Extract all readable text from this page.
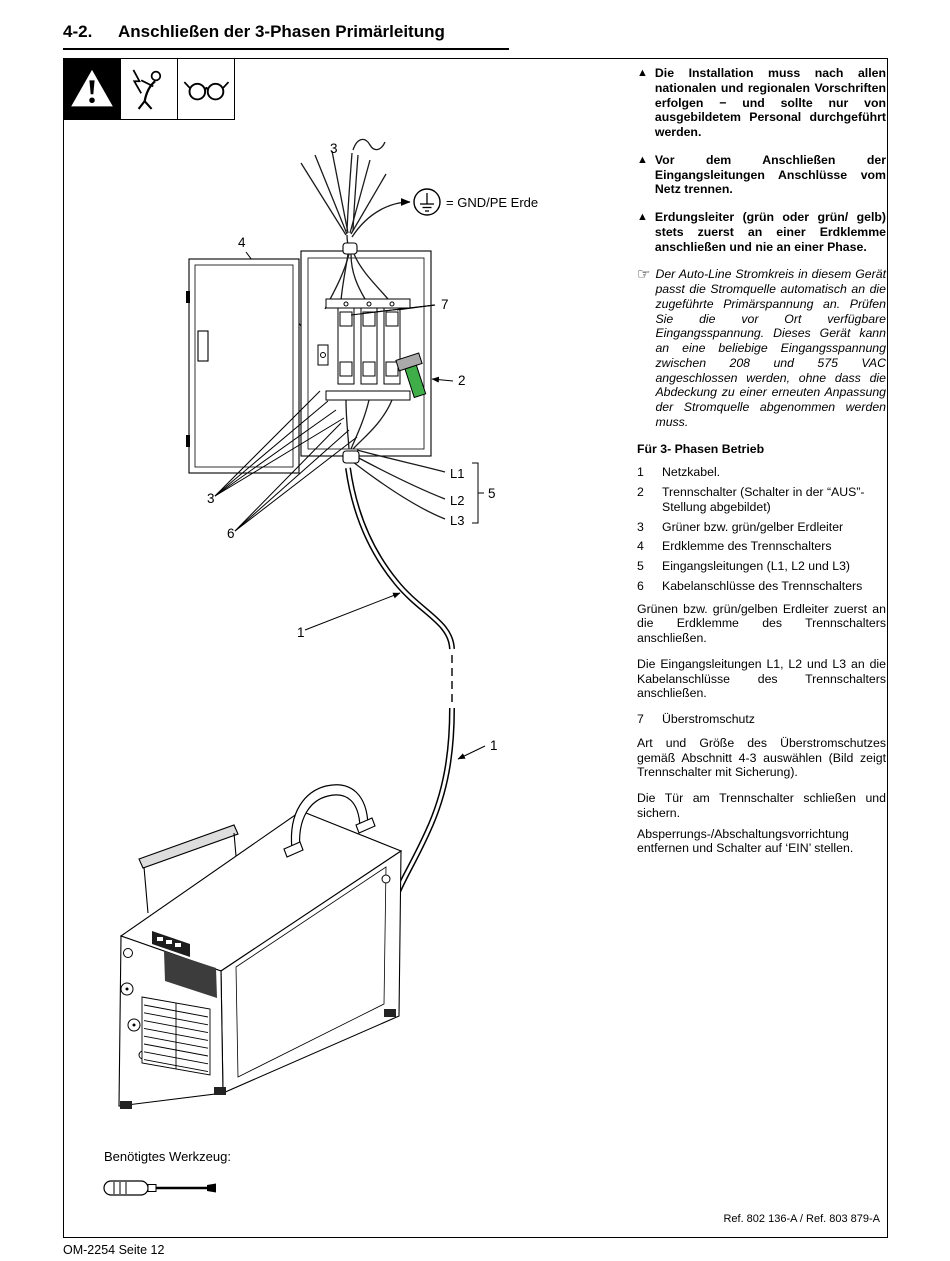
4-2. Anschließen der 3-Phasen Primärleitung
= GND/PE Erde
3
4
7
2
3
6
L1
L2
L3
5
1
1
▲ Die Installation muss nach allen nationalen und regionalen Vorschriften erfolgen − und sollte nur von ausgebildetem Personal durchgeführt werden.

▲ Vor dem Anschließen der Eingangsleitungen Anschlüsse vom Netz trennen.

▲ Erdungsleiter (grün oder grün/ gelb) stets zuerst an einer Erdklemme anschließen und nie an einer Phase.

☞ Der Auto-Line Stromkreis in diesem Gerät passt die Stromquelle automatisch an die zugeführte Primärspannung an. Prüfen Sie die vor Ort verfügbare Eingangsspannung. Dieses Gerät kann an eine beliebige Eingangsspannung zwischen 208 und 575 VAC angeschlossen werden, ohne dass die Abdeckung zu einer erneuten Anpassung der Stromquelle abgenommen werden muss.

Für 3- Phasen Betrieb
1	Netzkabel.
2	Trennschalter (Schalter in der “AUS”-Stellung abgebildet)
3	Grüner bzw. grün/gelber Erdleiter
4	Erdklemme des Trennschalters
5	Eingangsleitungen (L1, L2 und L3)
6	Kabelanschlüsse des Trennschalters

Grünen bzw. grün/gelben Erdleiter zuerst an die Erdklemme des Trennschalters anschließen.

Die Eingangsleitungen L1, L2 und L3 an die Kabelanschlüsse des Trennschalters anschließen.

7	Überstromschutz

Art und Größe des Überstromschutzes gemäß Abschnitt 4-3 auswählen (Bild zeigt Trennschalter mit Sicherung).

Die Tür am Trennschalter schließen und sichern.

Absperrungs-/Abschaltungsvorrichtung entfernen und Schalter auf ‘EIN’ stellen.

Benötigtes Werkzeug:
Ref. 802 136-A / Ref. 803 879-A
OM-2254 Seite 12
